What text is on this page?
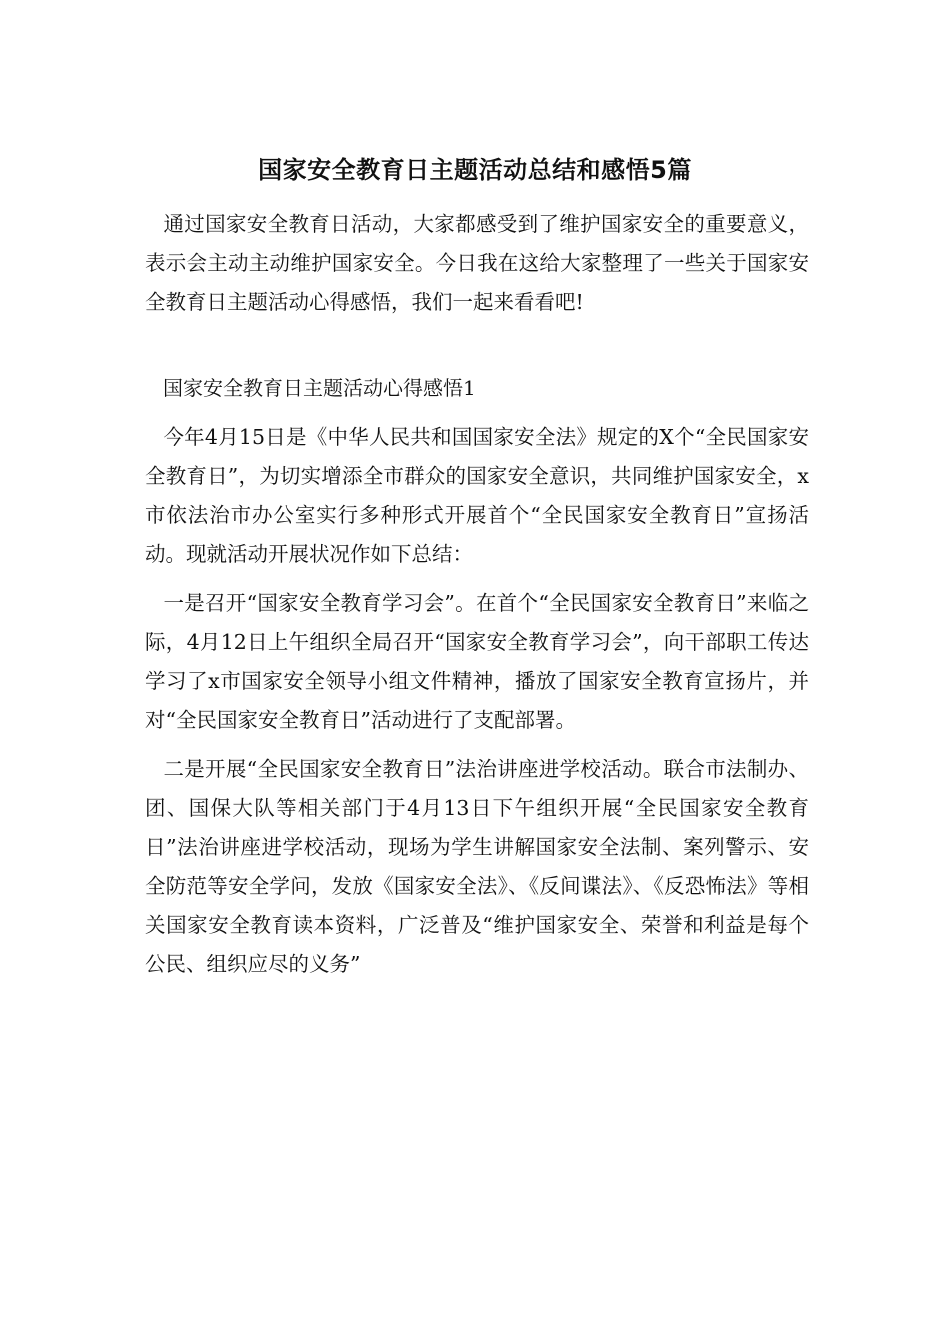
国家安全教育日主题活动总结和感悟5篇

通过国家安全教育日活动，大家都感受到了维护国家安全的重要意义，表示会主动主动维护国家安全。今日我在这给大家整理了一些关于国家安全教育日主题活动心得感悟，我们一起来看看吧!

国家安全教育日主题活动心得感悟1

今年4月15日是《中华人民共和国国家安全法》规定的X个“全民国家安全教育日”，为切实增添全市群众的国家安全意识，共同维护国家安全，x市依法治市办公室实行多种形式开展首个“全民国家安全教育日”宣扬活动。现就活动开展状况作如下总结：

一是召开“国家安全教育学习会”。在首个“全民国家安全教育日”来临之际，4月12日上午组织全局召开“国家安全教育学习会”，向干部职工传达学习了x市国家安全领导小组文件精神，播放了国家安全教育宣扬片，并对“全民国家安全教育日”活动进行了支配部署。

二是开展“全民国家安全教育日”法治讲座进学校活动。联合市法制办、团、国保大队等相关部门于4月13日下午组织开展“全民国家安全教育日”法治讲座进学校活动，现场为学生讲解国家安全法制、案列警示、安全防范等安全学问，发放《国家安全法》、《反间谍法》、《反恐怖法》等相关国家安全教育读本资料，广泛普及“维护国家安全、荣誉和利益是每个公民、组织应尽的义务”
